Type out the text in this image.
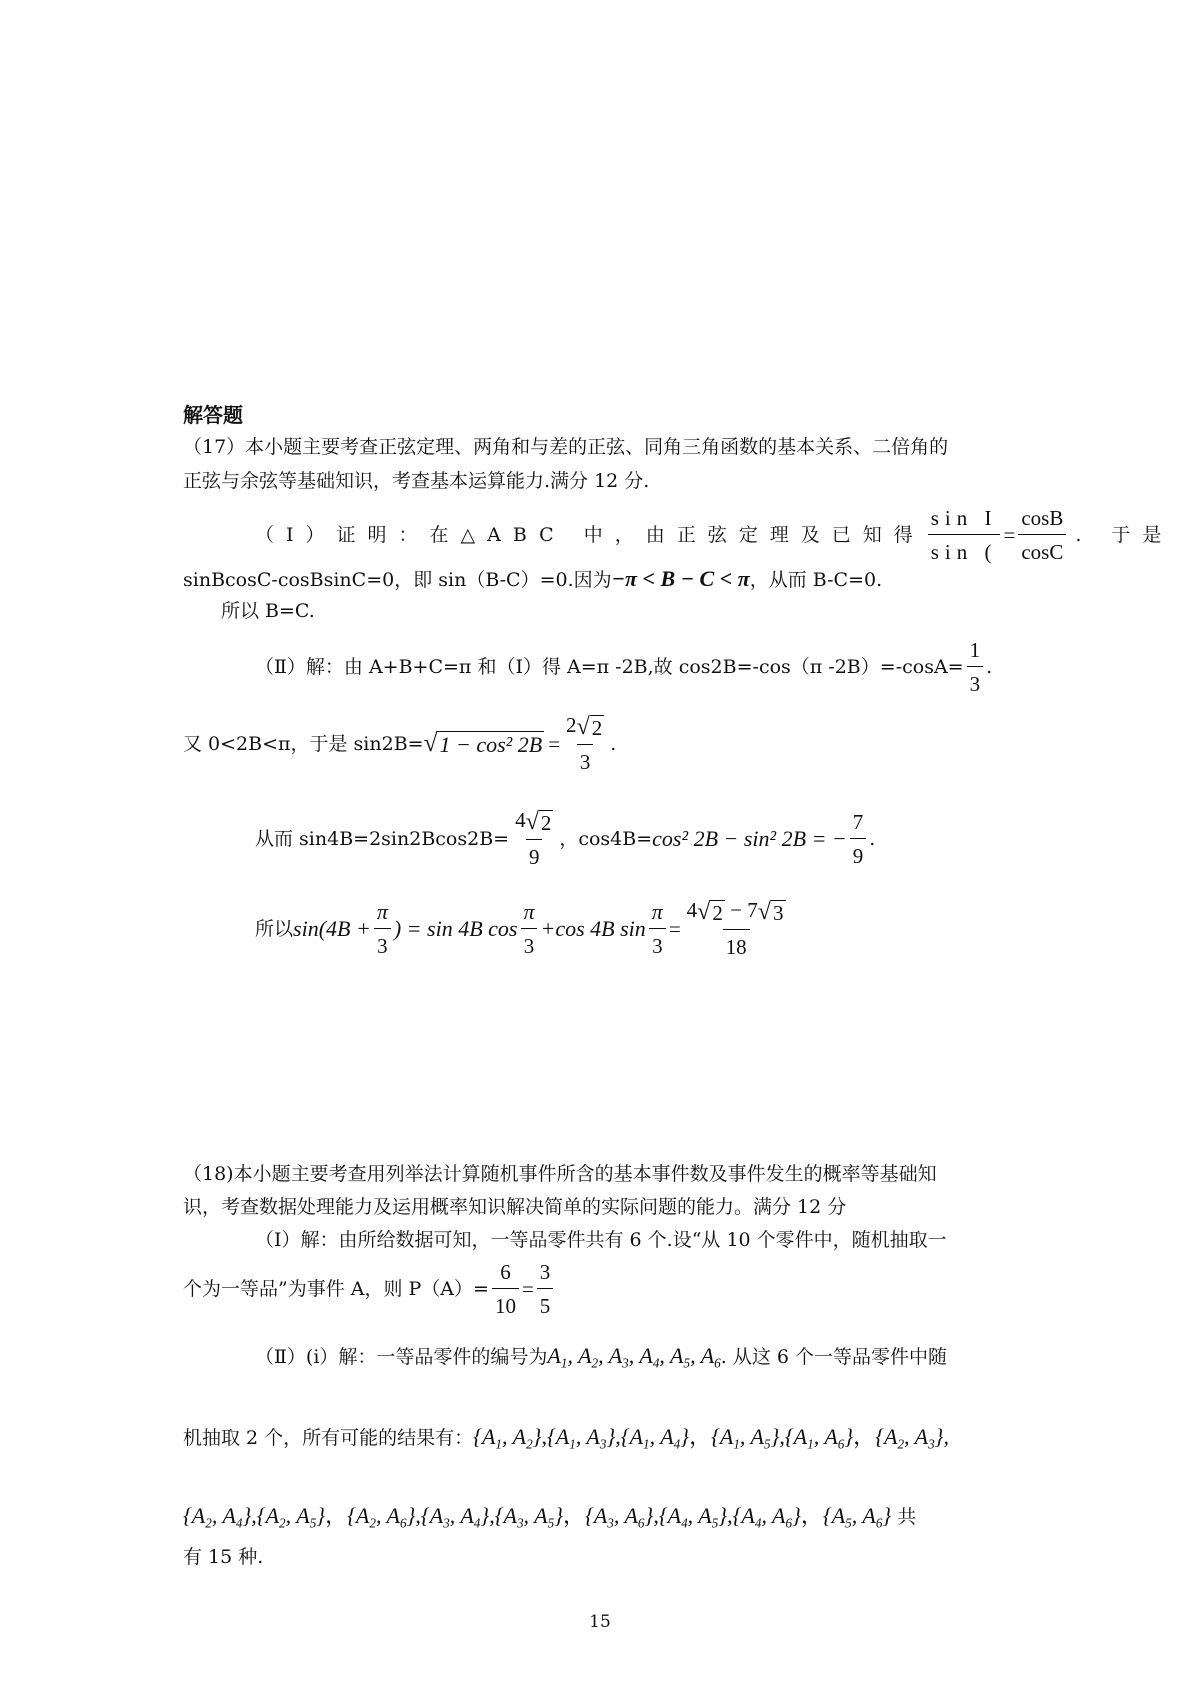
解答题
（17）本小题主要考查正弦定理、两角和与差的正弦、同角三角函数的基本关系、二倍角的
正弦与余弦等基础知识，考查基本运算能力.满分 12 分.
（Ⅰ）证明：在△ABC 中，由正弦定理及已知得 $\frac{\text{sin I}}{\sin (} = \frac{\cos B}{\cos C}$ . 于是
sinBcosC-cosBsinC=0，即 sin（B-C）=0.因为−π < B − C < π，从而 B-C=0.
所以 B=C.
（Ⅱ）解：由 A+B+C=π 和（Ⅰ）得 A=π -2B,故 cos2B=-cos（π $-2B)=-\cos A= \frac{1}{3}$ .
又 0<2B<π，于是 sin2B= √ 1 − cos² $2B = \frac{2 √ 2}{3}$ .
从而 $\sin 4B=2\sin 2Bcos2B= \frac{4 √ 2}{9}$ ，cos4B= cos² 2B − sin² 2B = − $\frac{7}{9}$ .
所以 $\sin(4B + \frac{\pi}{3}$ ) = sin 4B $\cos \frac{\pi}{3} +\cos$ 4B $\sin \frac{\pi}{3} = \frac{4 √ 2 - 7 √ 3}{18}$
（18)本小题主要考查用列举法计算随机事件所含的基本事件数及事件发生的概率等基础知
识，考查数据处理能力及运用概率知识解决简单的实际问题的能力。满分 12 分
（Ⅰ）解：由所给数据可知，一等品零件共有 6 个.设“从 10 个零件中，随机抽取一
个为一等品”为事件 A，则 $P(A)= \frac{6}{10} = \frac{3}{5}$
（Ⅱ）(i）解：一等品零件的编号为$A_1$, $A_2$, $A_3$, $A_4$, $A_5$, $A_6$. 从这 6 个一等品零件中随
机抽取 2 个，所有可能的结果有：{$A_1$, $A_2\},\{A_1$, $A_3\},\{A_1$, $A_4$}，{$A_1$, $A_5\},\{A_1$, $A_6$}，{$A_2$, $A_3$},
{$A_2$, $A_4\},\{A_2$, $A_5$}，{$A_2$, $A_6\},\{A_3$, $A_4\},\{A_3$, $A_5$}，{$A_3$, $A_6\},\{A_4$, $A_5\},\{A_4$, $A_6$}，{$A_5$, $A_6$} 共
有 15 种.
15
